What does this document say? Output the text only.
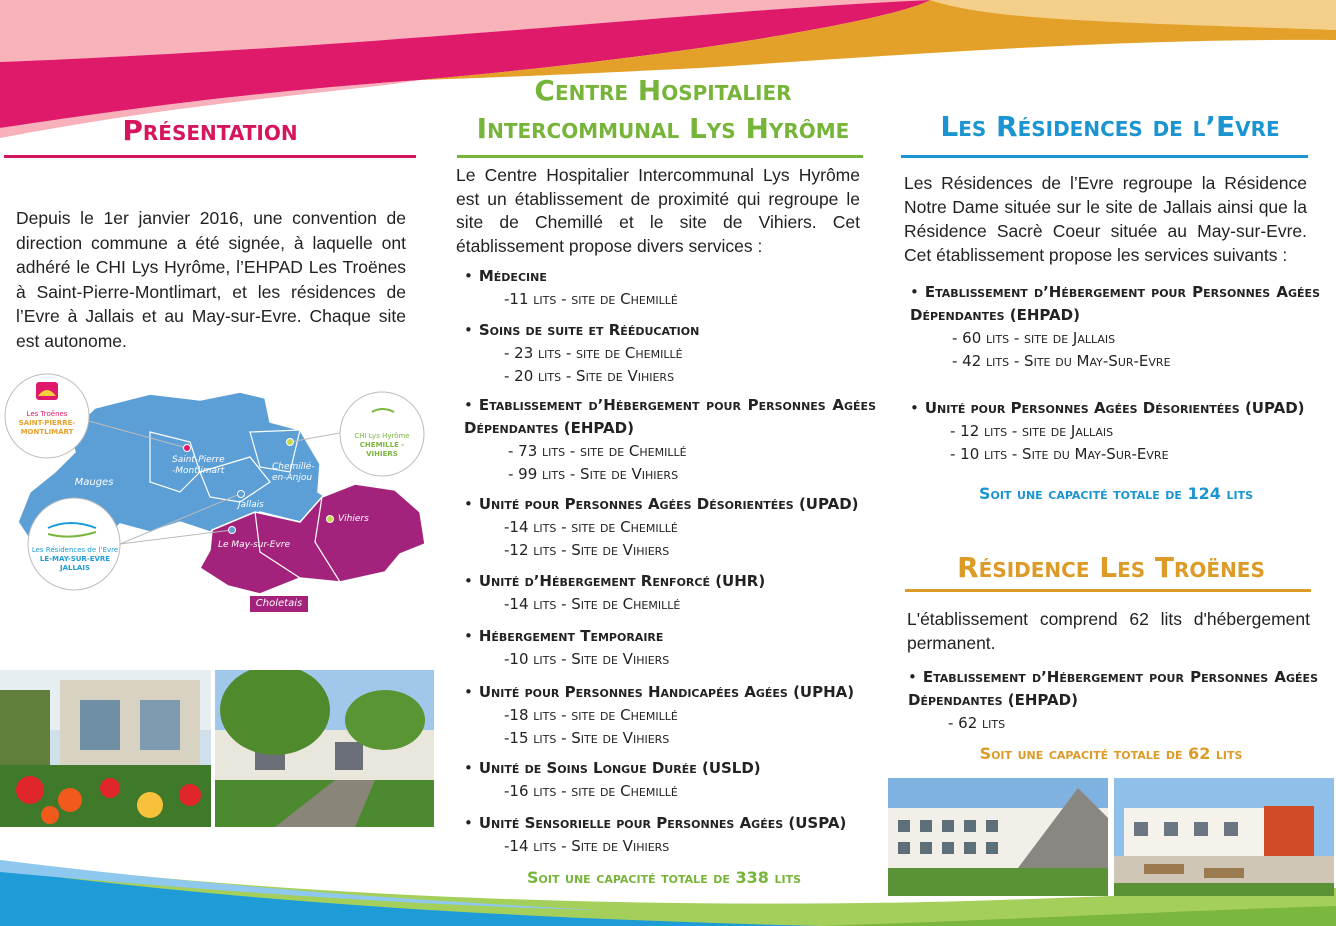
Présentation
Depuis le 1er janvier 2016, une convention de direction commune a été signée, à laquelle ont adhéré le CHI Lys Hyrôme, l’EHPAD Les Troënes à Saint-Pierre-Montlimart, et les résidences de l’Evre à Jallais et au May-sur-Evre. Chaque site est autonome.
Saint-Pierre
-Montlimart	Chemillé-
en-Anjou
Jallais
Vihiers
Le May-sur-Evre
Mauges
Choletais
Les Troënes
SAINT-PIERRE-
MONTLIMART	CHI Lys Hyrôme
CHEMILLE - VIHIERS
Les Résidences de l’Evre
LE-MAY-SUR-EVRE
JALLAIS
Centre Hospitalier
Intercommunal Lys Hyrôme
Le Centre Hospitalier Intercommunal Lys Hyrôme est un établissement de proximité qui regroupe le site de Chemillé et le site de Vihiers. Cet établissement propose divers services :
• Médecine
-11 lits - site de Chemillé
• Soins de suite et Rééducation
- 23 lits - site de Chemillé
- 20 lits - Site de Vihiers
• Etablissement d’Hébergement pour Personnes Agées Dépendantes (EHPAD)
- 73 lits - site de Chemillé
- 99 lits - Site de Vihiers
• Unité pour Personnes Agées Désorientées (UPAD)
-14 lits - site de Chemillé
-12 lits - Site de Vihiers
• Unité d’Hébergement Renforcé (UHR)
-14 lits - Site de Chemillé
• Hébergement Temporaire
-10 lits - Site de Vihiers
• Unité pour Personnes Handicapées Agées (UPHA)
-18 lits - site de Chemillé
-15 lits - Site de Vihiers
• Unité de Soins Longue Durée (USLD)
-16 lits - site de Chemillé
• Unité Sensorielle pour Personnes Agées (USPA)
-14 lits - Site de Vihiers
Soit une capacité totale de 338 lits
Les Résidences de l’Evre
Les Résidences de l’Evre regroupe la Résidence Notre Dame située sur le site de Jallais ainsi que la Résidence Sacrè Coeur située au May-sur-Evre. Cet établissement propose les services suivants :
• Etablissement d’Hébergement pour Personnes Agées Dépendantes (EHPAD)
- 60 lits - site de Jallais
- 42 lits - Site du May-Sur-Evre
• Unité pour Personnes Agées Désorientées (UPAD)
- 12 lits - site de Jallais
- 10 lits - Site du May-Sur-Evre
Soit une capacité totale de 124 lits
Résidence Les Troënes
L'établissement comprend 62 lits d'hébergement permanent.
• Etablissement d’Hébergement pour Personnes Agées Dépendantes (EHPAD)
- 62 lits
Soit une capacité totale de 62 lits
